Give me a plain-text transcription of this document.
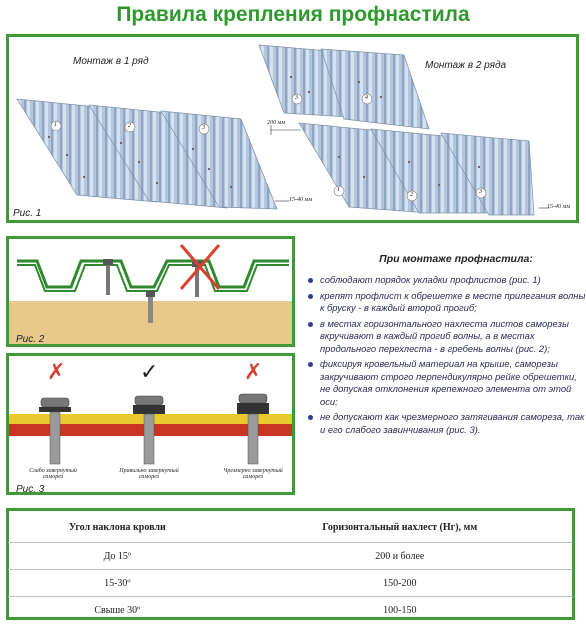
Правила крепления профнастила
1	2	3
3	4
1
2	3
Монтаж в 1 ряд	Монтаж в 2 ряда
200 мм
15-40 мм
15-40 мм
Рис. 1
Рис. 2
✗	✓	✗
Слабо завернутый саморез
Правильно завернутый саморез
Чрезмерно завернутый саморез
Рис. 3
При монтаже профнастила:
соблюдают порядок укладки профлистов (рис. 1)
крепят профлист к обрешетке в месте прилегания волны к бруску - в каждый второй прогиб;
в местах горизонтального нахлеста листов саморезы вкручивают в каждый прогиб волны, а в местах продольного перехлеста - в гребень волны (рис. 2);
фиксируя кровельный материал на крыше, саморезы закручивают строго перпендикулярно рейке обрешетки, не допуская отклонения крепежного элемента от этой оси;
не допускают как чрезмерного затягивания самореза, так и его слабого завинчивания (рис. 3).
Угол наклона кровли	Горизонтальный нахлест (Нг), мм
До 15º	200 и более
15-30º	150-200
Свыше 30º	100-150
